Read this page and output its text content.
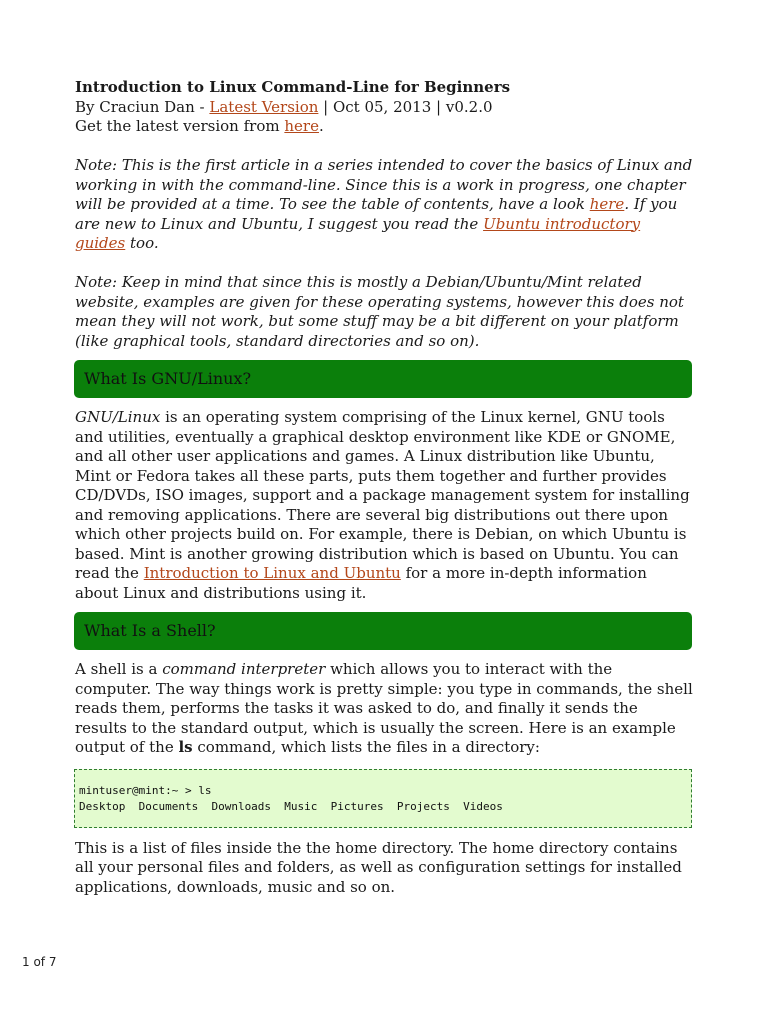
Introduction to Linux Command-Line for Beginners

By Craciun Dan - Latest Version | Oct 05, 2013 | v0.2.0

Get the latest version from here.

Note: This is the first article in a series intended to cover the basics of Linux and working in with the command-line. Since this is a work in progress, one chapter will be provided at a time. To see the table of contents, have a look here. If you are new to Linux and Ubuntu, I suggest you read the Ubuntu introductory guides too.

Note: Keep in mind that since this is mostly a Debian/Ubuntu/Mint related website, examples are given for these operating systems, however this does not mean they will not work, but some stuff may be a bit different on your platform (like graphical tools, standard directories and so on).

What Is GNU/Linux?

GNU/Linux is an operating system comprising of the Linux kernel, GNU tools and utilities, eventually a graphical desktop environment like KDE or GNOME, and all other user applications and games. A Linux distribution like Ubuntu, Mint or Fedora takes all these parts, puts them together and further provides CD/DVDs, ISO images, support and a package management system for installing and removing applications. There are several big distributions out there upon which other projects build on. For example, there is Debian, on which Ubuntu is based. Mint is another growing distribution which is based on Ubuntu. You can read the Introduction to Linux and Ubuntu for a more in-depth information about Linux and distributions using it.

What Is a Shell?

A shell is a command interpreter which allows you to interact with the computer. The way things work is pretty simple: you type in commands, the shell reads them, performs the tasks it was asked to do, and finally it sends the results to the standard output, which is usually the screen. Here is an example output of the ls command, which lists the files in a directory:

mintuser@mint:~ > ls
Desktop  Documents  Downloads  Music  Pictures  Projects  Videos

This is a list of files inside the the home directory. The home directory contains all your personal files and folders, as well as configuration settings for installed applications, downloads, music and so on.

1 of 7
